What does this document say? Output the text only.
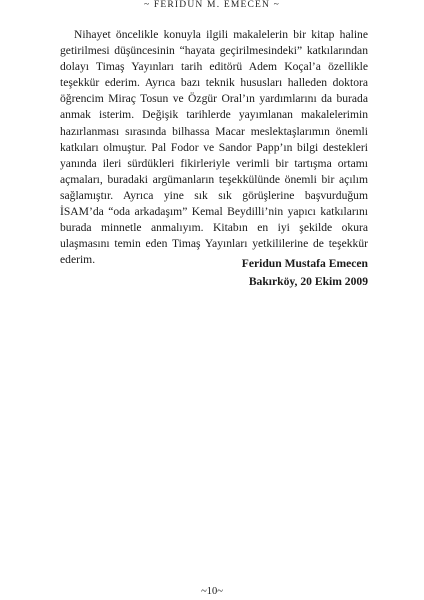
~ FERİDUN M. EMECEN ~

Nihayet öncelikle konuyla ilgili makalelerin bir kitap haline getirilmesi düşüncesinin “hayata geçirilmesindeki” katkılarından dolayı Timaş Yayınları tarih editörü Adem Koçal’a özellikle teşekkür ederim. Ayrıca bazı teknik hususları halleden doktora öğrencim Miraç Tosun ve Özgür Oral’ın yardımlarını da burada anmak isterim. Değişik tarihlerde yayımlanan makalelerimin hazırlanması sırasında bilhassa Macar meslektaşlarımın önemli katkıları olmuştur. Pal Fodor ve Sandor Papp’ın bilgi destekleri yanında ileri sürdükleri fikirleriyle verimli bir tartışma ortamı açmaları, buradaki argümanların teşekkülünde önemli bir açılım sağlamıştır. Ayrıca yine sık sık görüşlerine başvurduğum İSAM’da “oda arkadaşım” Kemal Beydilli’nin yapıcı katkılarını burada minnetle anmalıyım. Kitabın en iyi şekilde okura ulaşmasını temin eden Timaş Yayınları yetkililerine de teşekkür ederim.	Feridun Mustafa Emecen
Bakırköy, 20 Ekim 2009
~10~
